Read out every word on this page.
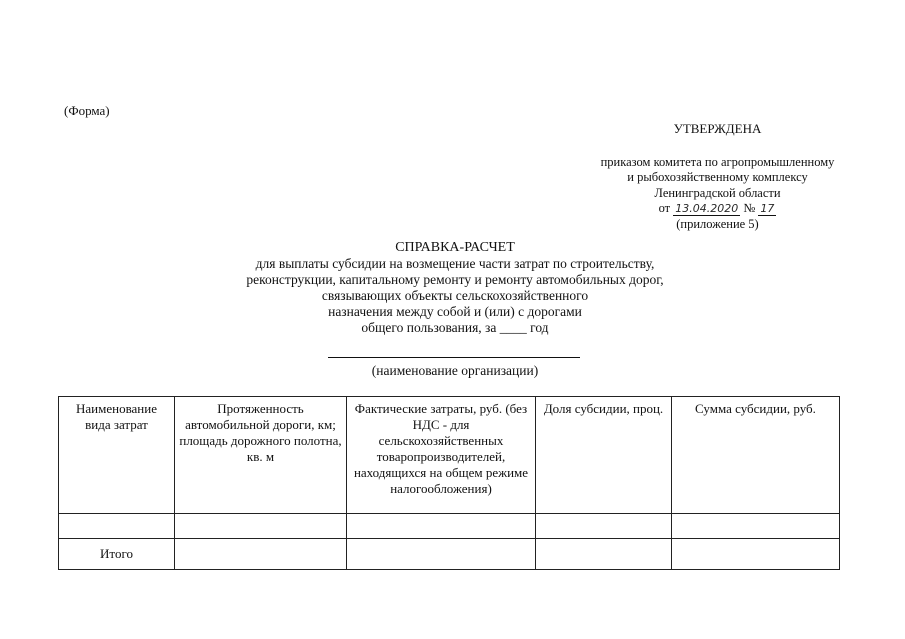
(Форма)
УТВЕРЖДЕНА
приказом комитета по агропромышленному
и рыбохозяйственному комплексу
Ленинградской области
от 13.04.2020 № 17
(приложение 5)
СПРАВКА-РАСЧЕТ
для выплаты субсидии на возмещение части затрат по строительству,
реконструкции, капитальному ремонту и ремонту автомобильных дорог,
связывающих объекты сельскохозяйственного
назначения между собой и (или) с дорогами
общего пользования, за ____ год
(наименование организации)
Наименование вида затрат	Протяженность автомобильной дороги, км; площадь дорожного полотна, кв. м	Фактические затраты, руб. (без НДС - для сельскохозяйственных товаропроизводителей, находящихся на общем режиме налогообложения)	Доля субсидии, проц.	Сумма субсидии, руб.

Итого				
